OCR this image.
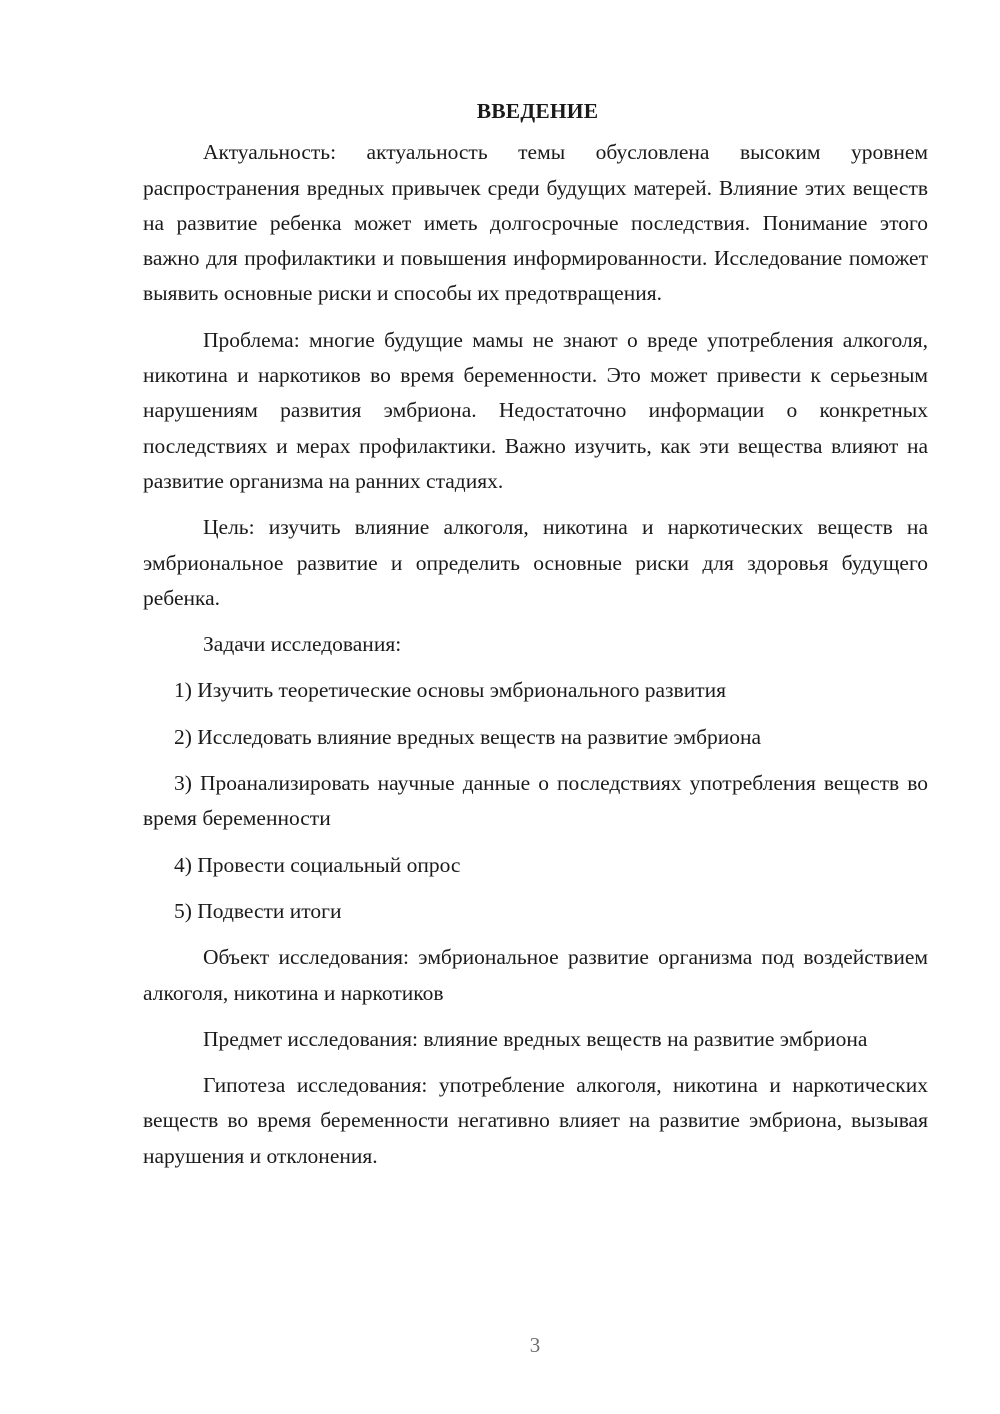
ВВЕДЕНИЕ

Актуальность: актуальность темы обусловлена высоким уровнем распространения вредных привычек среди будущих матерей. Влияние этих веществ на развитие ребенка может иметь долгосрочные последствия. Понимание этого важно для профилактики и повышения информированности. Исследование поможет выявить основные риски и способы их предотвращения.

Проблема: многие будущие мамы не знают о вреде употребления алкоголя, никотина и наркотиков во время беременности. Это может привести к серьезным нарушениям развития эмбриона. Недостаточно информации о конкретных последствиях и мерах профилактики. Важно изучить, как эти вещества влияют на развитие организма на ранних стадиях.

Цель: изучить влияние алкоголя, никотина и наркотических веществ на эмбриональное развитие и определить основные риски для здоровья будущего ребенка.

Задачи исследования:

1) Изучить теоретические основы эмбрионального развития

2) Исследовать влияние вредных веществ на развитие эмбриона

3) Проанализировать научные данные о последствиях употребления веществ во время беременности

4) Провести социальный опрос

5) Подвести итоги

Объект исследования: эмбриональное развитие организма под воздействием алкоголя, никотина и наркотиков

Предмет исследования: влияние вредных веществ на развитие эмбриона

Гипотеза исследования: употребление алкоголя, никотина и наркотических веществ во время беременности негативно влияет на развитие эмбриона, вызывая нарушения и отклонения.

3
